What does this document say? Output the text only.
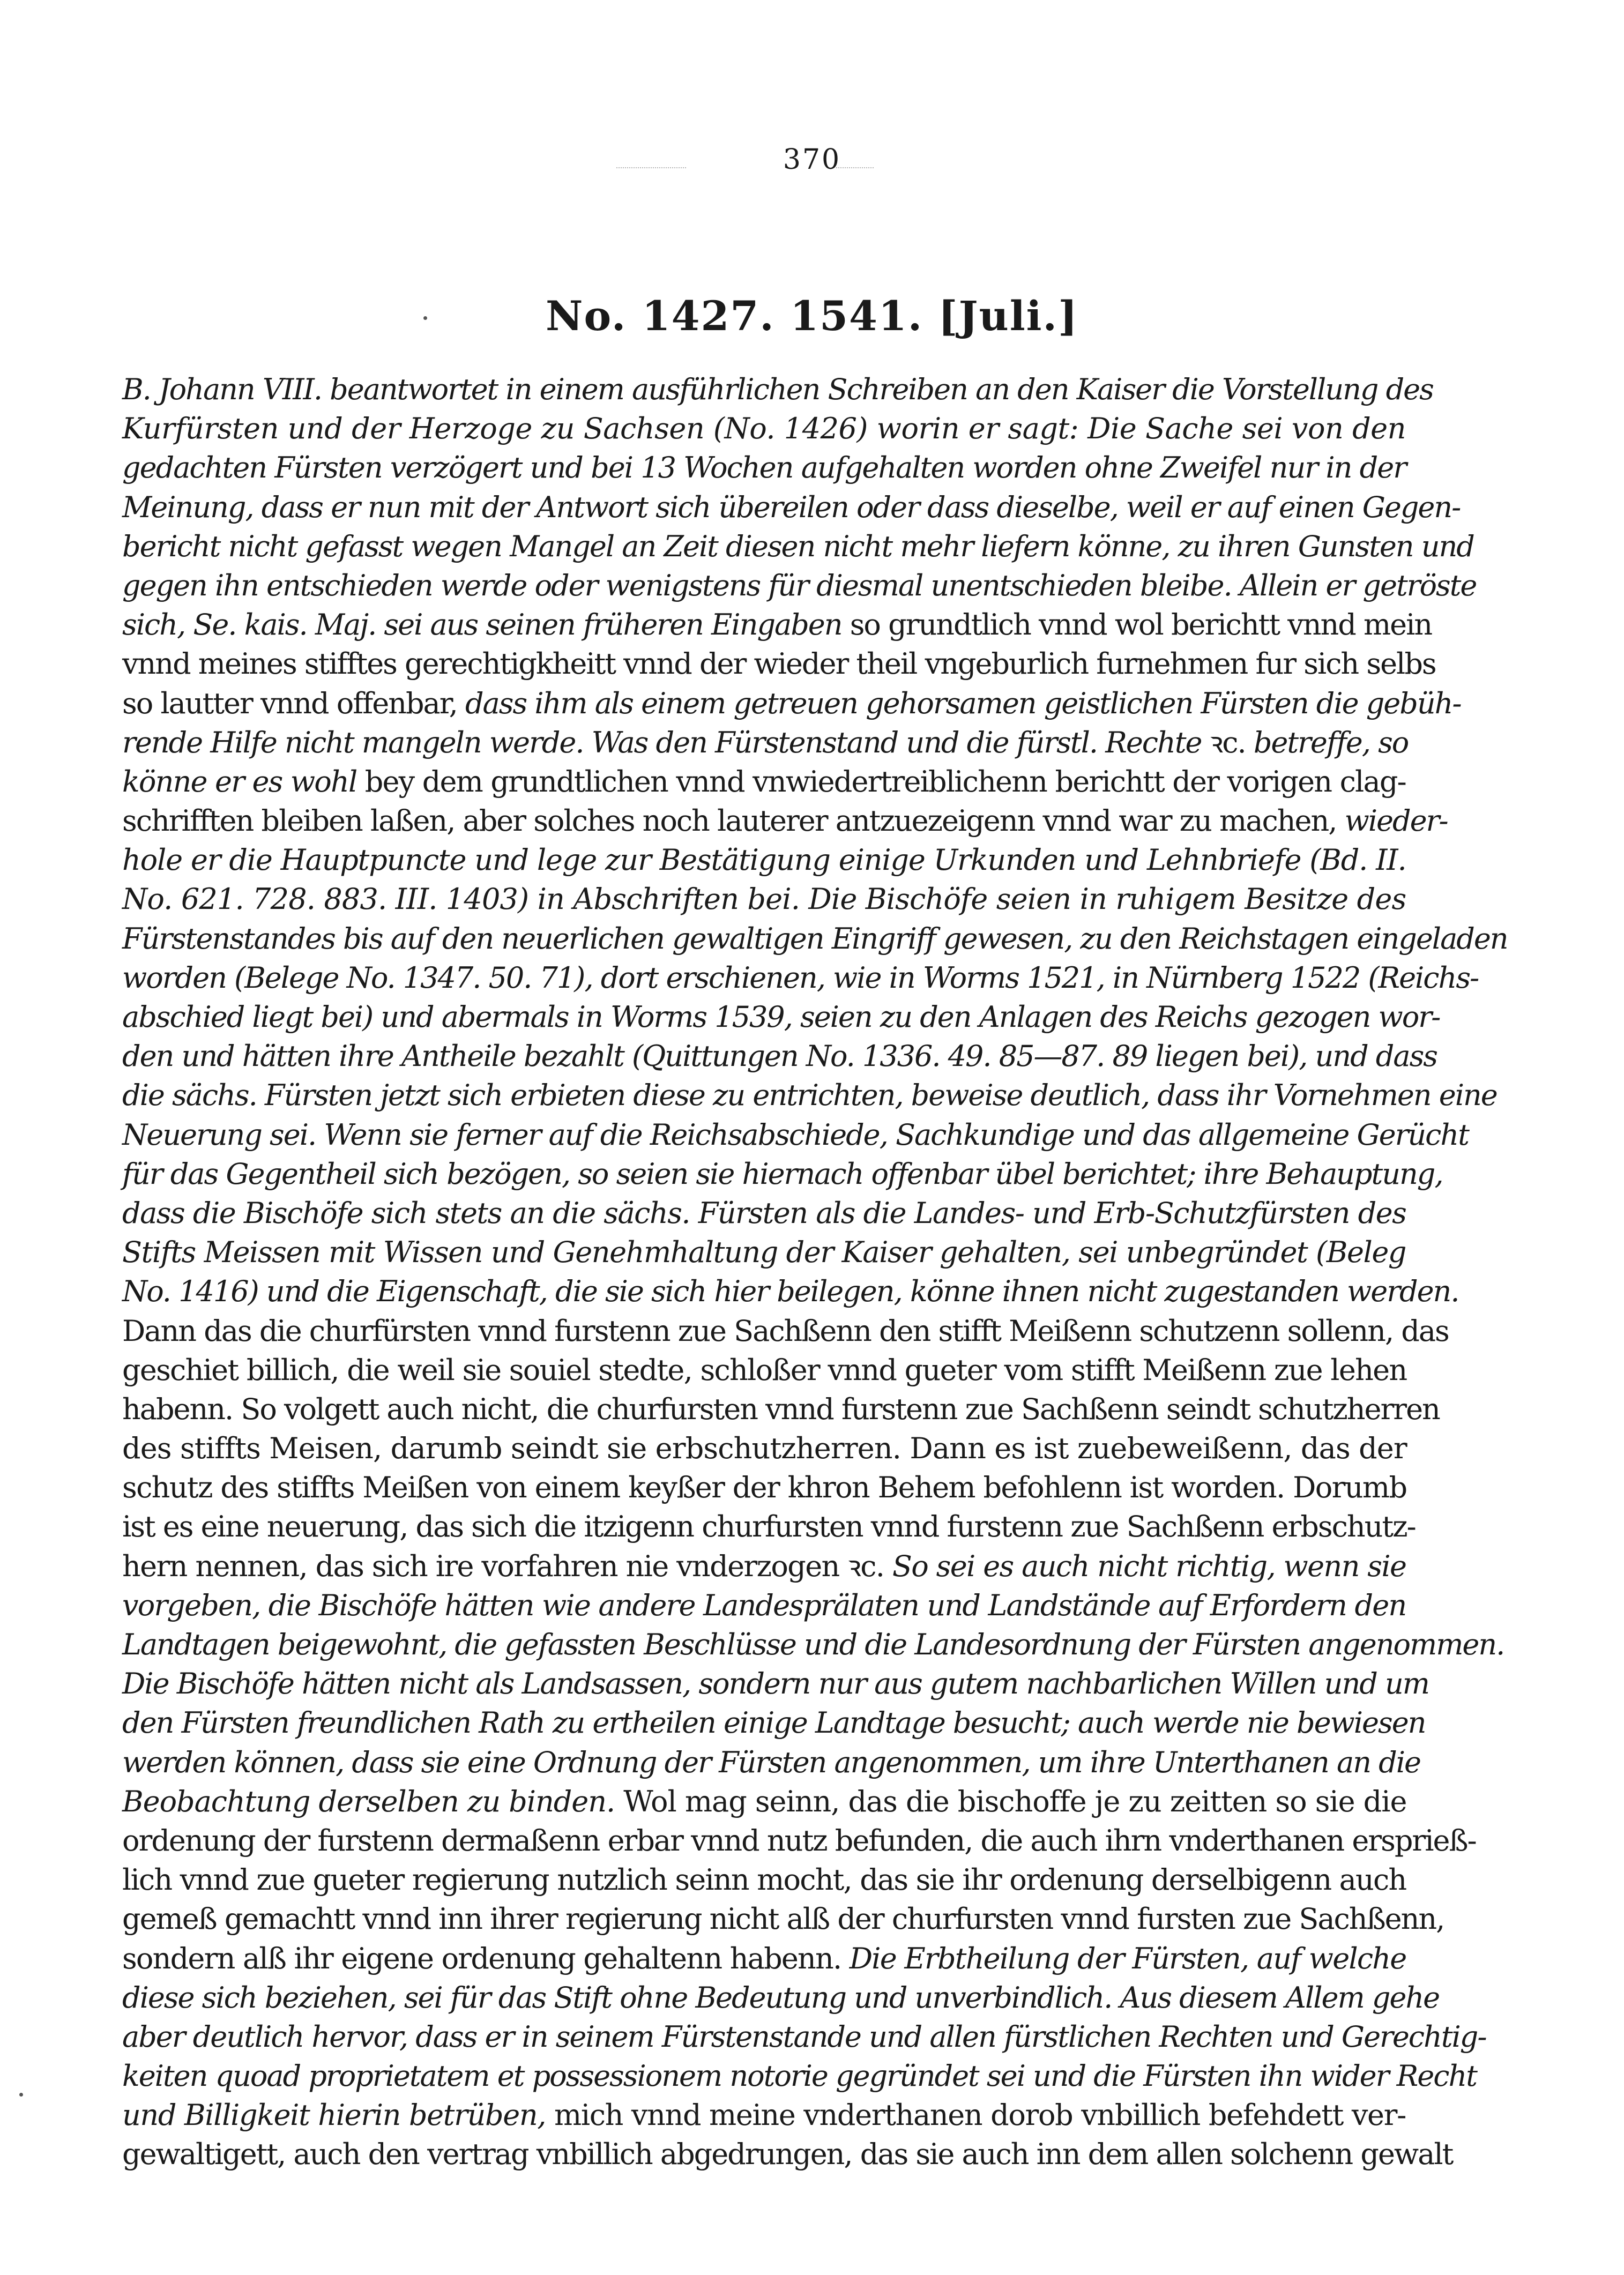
370
No. 1427. 1541. [Juli.]
B. Johann VIII. beantwortet in einem ausführlichen Schreiben an den Kaiser die Vorstellung des
Kurfürsten und der Herzoge zu Sachsen (No. 1426) worin er sagt: Die Sache sei von den
gedachten Fürsten verzögert und bei 13 Wochen aufgehalten worden ohne Zweifel nur in der
Meinung, dass er nun mit der Antwort sich übereilen oder dass dieselbe, weil er auf einen Gegen-
bericht nicht gefasst wegen Mangel an Zeit diesen nicht mehr liefern könne, zu ihren Gunsten und
gegen ihn entschieden werde oder wenigstens für diesmal unentschieden bleibe. Allein er getröste
sich, Se. kais. Maj. sei aus seinen früheren Eingaben so grundtlich vnnd wol berichtt vnnd mein
vnnd meines stifftes gerechtigkheitt vnnd der wieder theil vngeburlich furnehmen fur sich selbs
so lautter vnnd offenbar, dass ihm als einem getreuen gehorsamen geistlichen Fürsten die gebüh-
rende Hilfe nicht mangeln werde. Was den Fürstenstand und die fürstl. Rechte ꝛc. betreffe, so
könne er es wohl bey dem grundtlichen vnnd vnwiedertreiblichenn berichtt der vorigen clag-
schrifften bleiben laßen, aber solches noch lauterer antzuezeigenn vnnd war zu machen, wieder-
hole er die Hauptpuncte und lege zur Bestätigung einige Urkunden und Lehnbriefe (Bd. II.
No. 621. 728. 883. III. 1403) in Abschriften bei. Die Bischöfe seien in ruhigem Besitze des
Fürstenstandes bis auf den neuerlichen gewaltigen Eingriff gewesen, zu den Reichstagen eingeladen
worden (Belege No. 1347. 50. 71), dort erschienen, wie in Worms 1521, in Nürnberg 1522 (Reichs-
abschied liegt bei) und abermals in Worms 1539, seien zu den Anlagen des Reichs gezogen wor-
den und hätten ihre Antheile bezahlt (Quittungen No. 1336. 49. 85—87. 89 liegen bei), und dass
die sächs. Fürsten jetzt sich erbieten diese zu entrichten, beweise deutlich, dass ihr Vornehmen eine
Neuerung sei. Wenn sie ferner auf die Reichsabschiede, Sachkundige und das allgemeine Gerücht
für das Gegentheil sich bezögen, so seien sie hiernach offenbar übel berichtet; ihre Behauptung,
dass die Bischöfe sich stets an die sächs. Fürsten als die Landes- und Erb-Schutzfürsten des
Stifts Meissen mit Wissen und Genehmhaltung der Kaiser gehalten, sei unbegründet (Beleg
No. 1416) und die Eigenschaft, die sie sich hier beilegen, könne ihnen nicht zugestanden werden.
Dann das die churfürsten vnnd furstenn zue Sachßenn den stifft Meißenn schutzenn sollenn, das
geschiet billich, die weil sie souiel stedte, schloßer vnnd gueter vom stifft Meißenn zue lehen
habenn. So volgett auch nicht, die churfursten vnnd furstenn zue Sachßenn seindt schutzherren
des stiffts Meisen, darumb seindt sie erbschutzherren. Dann es ist zuebeweißenn, das der
schutz des stiffts Meißen von einem keyßer der khron Behem befohlenn ist worden. Dorumb
ist es eine neuerung, das sich die itzigenn churfursten vnnd furstenn zue Sachßenn erbschutz-
hern nennen, das sich ire vorfahren nie vnderzogen ꝛc. So sei es auch nicht richtig, wenn sie
vorgeben, die Bischöfe hätten wie andere Landesprälaten und Landstände auf Erfordern den
Landtagen beigewohnt, die gefassten Beschlüsse und die Landesordnung der Fürsten angenommen.
Die Bischöfe hätten nicht als Landsassen, sondern nur aus gutem nachbarlichen Willen und um
den Fürsten freundlichen Rath zu ertheilen einige Landtage besucht; auch werde nie bewiesen
werden können, dass sie eine Ordnung der Fürsten angenommen, um ihre Unterthanen an die
Beobachtung derselben zu binden. Wol mag seinn, das die bischoffe je zu zeitten so sie die
ordenung der furstenn dermaßenn erbar vnnd nutz befunden, die auch ihrn vnderthanen ersprieß-
lich vnnd zue gueter regierung nutzlich seinn mocht, das sie ihr ordenung derselbigenn auch
gemeß gemachtt vnnd inn ihrer regierung nicht alß der churfursten vnnd fursten zue Sachßenn,
sondern alß ihr eigene ordenung gehaltenn habenn. Die Erbtheilung der Fürsten, auf welche
diese sich beziehen, sei für das Stift ohne Bedeutung und unverbindlich. Aus diesem Allem gehe
aber deutlich hervor, dass er in seinem Fürstenstande und allen fürstlichen Rechten und Gerechtig-
keiten quoad proprietatem et possessionem notorie gegründet sei und die Fürsten ihn wider Recht
und Billigkeit hierin betrüben, mich vnnd meine vnderthanen dorob vnbillich befehdett ver-
gewaltigett, auch den vertrag vnbillich abgedrungen, das sie auch inn dem allen solchenn gewalt
